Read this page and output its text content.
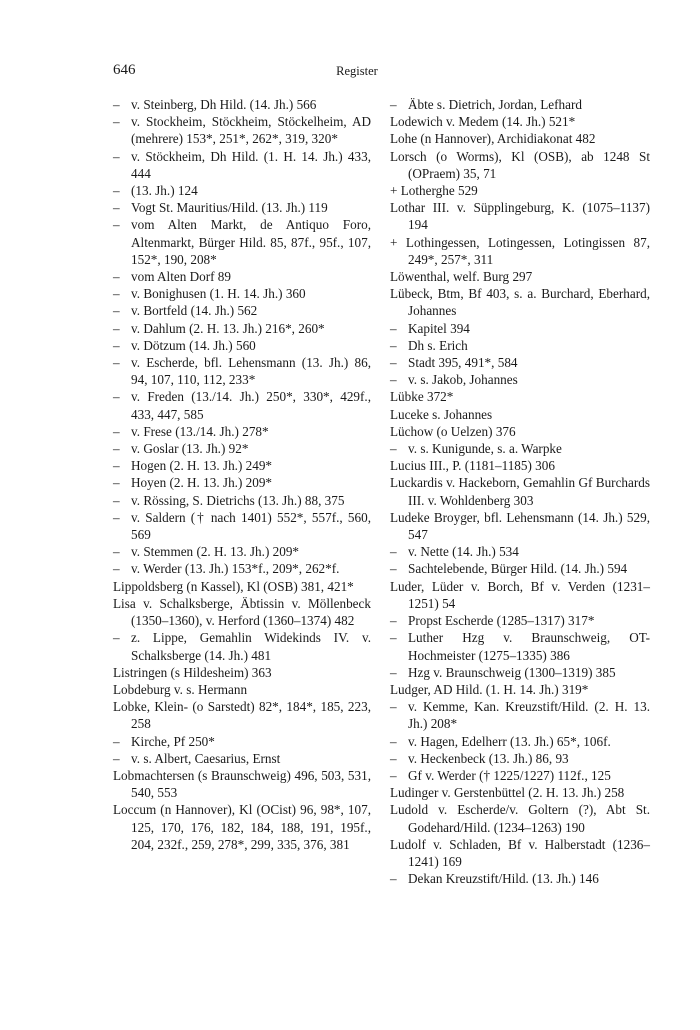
646	Register
– v. Steinberg, Dh Hild. (14. Jh.) 566
– v. Stockheim, Stöckheim, Stöckelheim, AD (mehrere) 153*, 251*, 262*, 319, 320*
– v. Stöckheim, Dh Hild. (1. H. 14. Jh.) 433, 444
– (13. Jh.) 124
– Vogt St. Mauritius/Hild. (13. Jh.) 119
– vom Alten Markt, de Antiquo Foro, Altenmarkt, Bürger Hild. 85, 87f., 95f., 107, 152*, 190, 208*
– vom Alten Dorf 89
– v. Bonighusen (1. H. 14. Jh.) 360
– v. Bortfeld (14. Jh.) 562
– v. Dahlum (2. H. 13. Jh.) 216*, 260*
– v. Dötzum (14. Jh.) 560
– v. Escherde, bfl. Lehensmann (13. Jh.) 86, 94, 107, 110, 112, 233*
– v. Freden (13./14. Jh.) 250*, 330*, 429f., 433, 447, 585
– v. Frese (13./14. Jh.) 278*
– v. Goslar (13. Jh.) 92*
– Hogen (2. H. 13. Jh.) 249*
– Hoyen (2. H. 13. Jh.) 209*
– v. Rössing, S. Dietrichs (13. Jh.) 88, 375
– v. Saldern († nach 1401) 552*, 557f., 560, 569
– v. Stemmen (2. H. 13. Jh.) 209*
– v. Werder (13. Jh.) 153*f., 209*, 262*f.
Lippoldsberg (n Kassel), Kl (OSB) 381, 421*
Lisa v. Schalksberge, Äbtissin v. Möllenbeck (1350–1360), v. Herford (1360–1374) 482
– z. Lippe, Gemahlin Widekinds IV. v. Schalksberge (14. Jh.) 481
Listringen (s Hildesheim) 363
Lobdeburg v. s. Hermann
Lobke, Klein- (o Sarstedt) 82*, 184*, 185, 223, 258
– Kirche, Pf 250*
– v. s. Albert, Caesarius, Ernst
Lobmachtersen (s Braunschweig) 496, 503, 531, 540, 553
Loccum (n Hannover), Kl (OCist) 96, 98*, 107, 125, 170, 176, 182, 184, 188, 191, 195f., 204, 232f., 259, 278*, 299, 335, 376, 381
– Äbte s. Dietrich, Jordan, Lefhard
Lodewich v. Medem (14. Jh.) 521*
Lohe (n Hannover), Archidiakonat 482
Lorsch (o Worms), Kl (OSB), ab 1248 St (OPraem) 35, 71
+ Lotherghe 529
Lothar III. v. Süpplingeburg, K. (1075–1137) 194
+ Lothingessen, Lotingessen, Lotingissen 87, 249*, 257*, 311
Löwenthal, welf. Burg 297
Lübeck, Btm, Bf 403, s. a. Burchard, Eberhard, Johannes
– Kapitel 394
– Dh s. Erich
– Stadt 395, 491*, 584
– v. s. Jakob, Johannes
Lübke 372*
Luceke s. Johannes
Lüchow (o Uelzen) 376
– v. s. Kunigunde, s. a. Warpke
Lucius III., P. (1181–1185) 306
Luckardis v. Hackeborn, Gemahlin Gf Burchards III. v. Wohldenberg 303
Ludeke Broyger, bfl. Lehensmann (14. Jh.) 529, 547
– v. Nette (14. Jh.) 534
– Sachtelebende, Bürger Hild. (14. Jh.) 594
Luder, Lüder v. Borch, Bf v. Verden (1231–1251) 54
– Propst Escherde (1285–1317) 317*
– Luther Hzg v. Braunschweig, OT-Hochmeister (1275–1335) 386
– Hzg v. Braunschweig (1300–1319) 385
Ludger, AD Hild. (1. H. 14. Jh.) 319*
– v. Kemme, Kan. Kreuzstift/Hild. (2. H. 13. Jh.) 208*
– v. Hagen, Edelherr (13. Jh.) 65*, 106f.
– v. Heckenbeck (13. Jh.) 86, 93
– Gf v. Werder († 1225/1227) 112f., 125
Ludinger v. Gerstenbüttel (2. H. 13. Jh.) 258
Ludold v. Escherde/v. Goltern (?), Abt St. Godehard/Hild. (1234–1263) 190
Ludolf v. Schladen, Bf v. Halberstadt (1236–1241) 169
– Dekan Kreuzstift/Hild. (13. Jh.) 146
